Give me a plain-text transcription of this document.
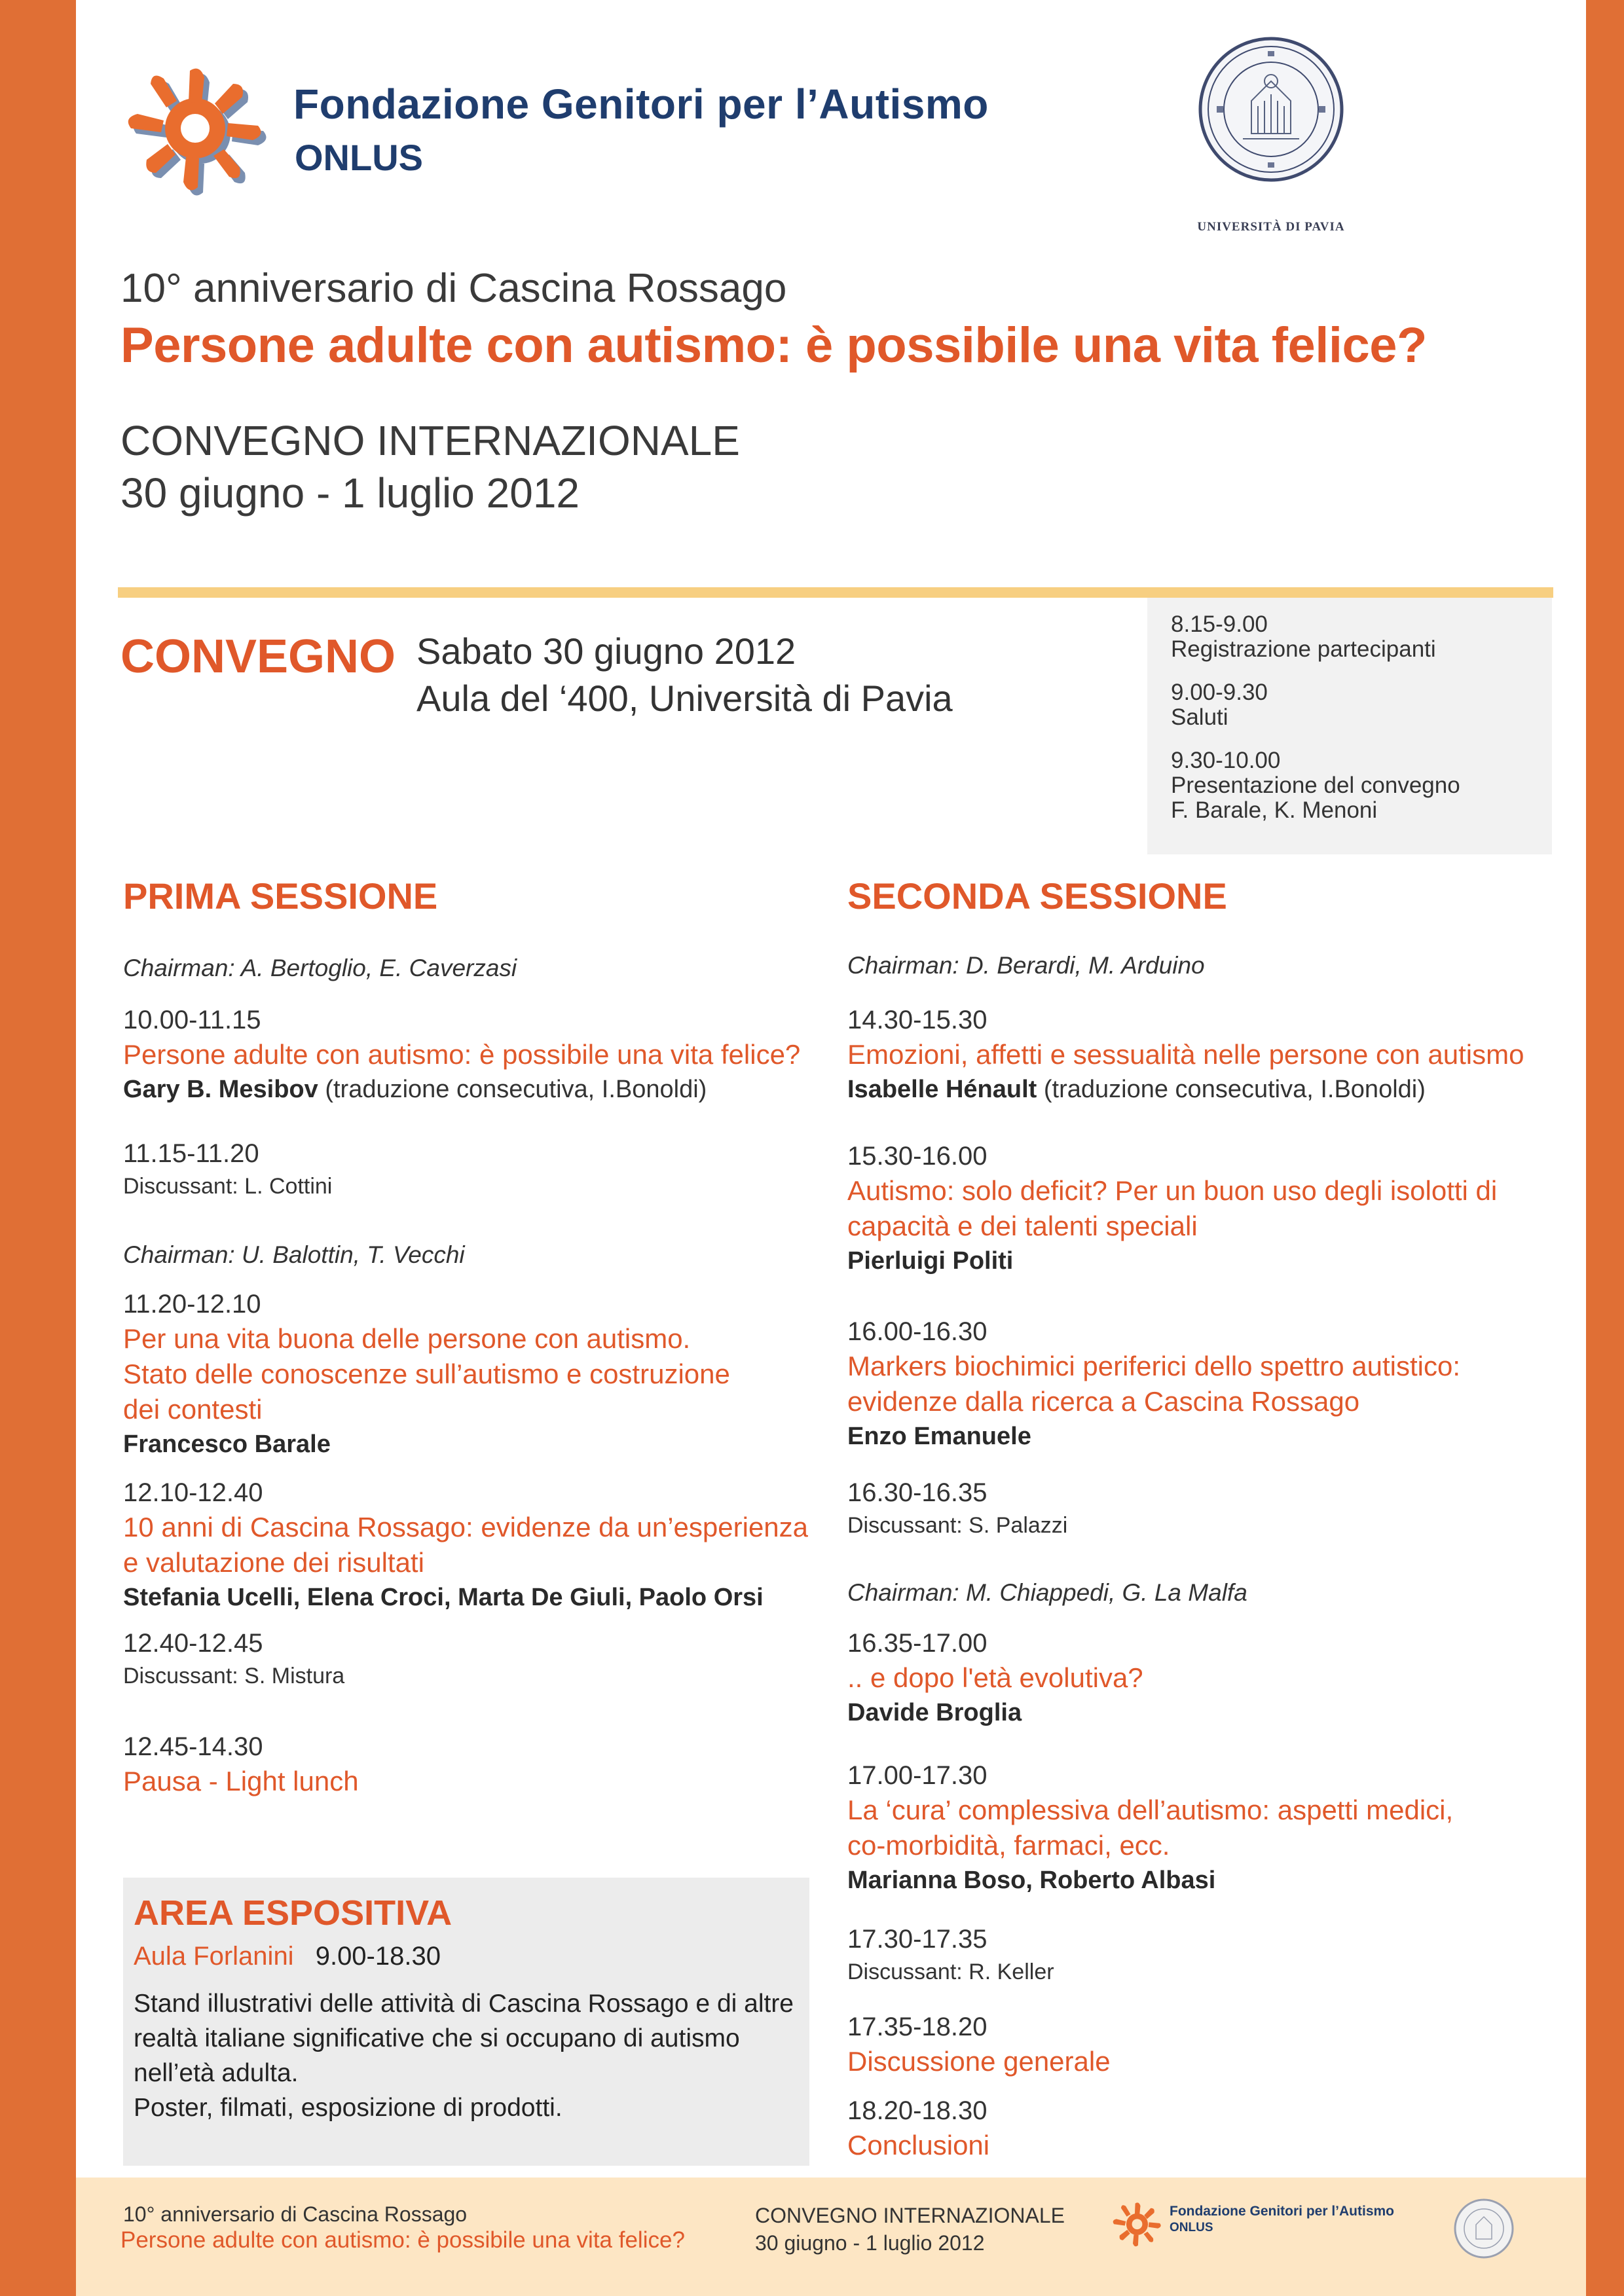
Fondazione Genitori per l’Autismo
ONLUS
UNIVERSITÀ DI PAVIA
10° anniversario di Cascina Rossago
Persone adulte con autismo: è possibile una vita felice?
CONVEGNO INTERNAZIONALE
30 giugno - 1 luglio 2012
CONVEGNO Sabato 30 giugno 2012
Aula del ‘400, Università di Pavia
8.15-9.00
Registrazione partecipanti
9.00-9.30
Saluti
9.30-10.00
Presentazione del convegno
F. Barale, K. Menoni
PRIMA SESSIONE
Chairman: A. Bertoglio, E. Caverzasi
10.00-11.15
Persone adulte con autismo: è possibile una vita felice?
Gary B. Mesibov (traduzione consecutiva, I.Bonoldi)
11.15-11.20
Discussant: L. Cottini
Chairman: U. Balottin, T. Vecchi
11.20-12.10
Per una vita buona delle persone con autismo.
Stato delle conoscenze sull’autismo e costruzione
dei contesti
Francesco Barale
12.10-12.40
10 anni di Cascina Rossago: evidenze da un’esperienza
e valutazione dei risultati
Stefania Ucelli, Elena Croci, Marta De Giuli, Paolo Orsi
12.40-12.45
Discussant: S. Mistura
12.45-14.30
Pausa - Light lunch
AREA ESPOSITIVA
Aula Forlanini 9.00-18.30
Stand illustrativi delle attività di Cascina Rossago e di altre
realtà italiane significative che si occupano di autismo
nell’età adulta.
Poster, filmati, esposizione di prodotti.
SECONDA SESSIONE
Chairman: D. Berardi, M. Arduino
14.30-15.30
Emozioni, affetti e sessualità nelle persone con autismo
Isabelle Hénault (traduzione consecutiva, I.Bonoldi)
15.30-16.00
Autismo: solo deficit? Per un buon uso degli isolotti di
capacità e dei talenti speciali
Pierluigi Politi
16.00-16.30
Markers biochimici periferici dello spettro autistico:
evidenze dalla ricerca a Cascina Rossago
Enzo Emanuele
16.30-16.35
Discussant: S. Palazzi
Chairman: M. Chiappedi, G. La Malfa
16.35-17.00
.. e dopo l'età evolutiva?
Davide Broglia
17.00-17.30
La ‘cura’ complessiva dell’autismo: aspetti medici,
co-morbidità, farmaci, ecc.
Marianna Boso, Roberto Albasi
17.30-17.35
Discussant: R. Keller
17.35-18.20
Discussione generale
18.20-18.30
Conclusioni
10° anniversario di Cascina Rossago
Persone adulte con autismo: è possibile una vita felice?
CONVEGNO INTERNAZIONALE
30 giugno - 1 luglio 2012
Fondazione Genitori per l’Autismo
ONLUS
